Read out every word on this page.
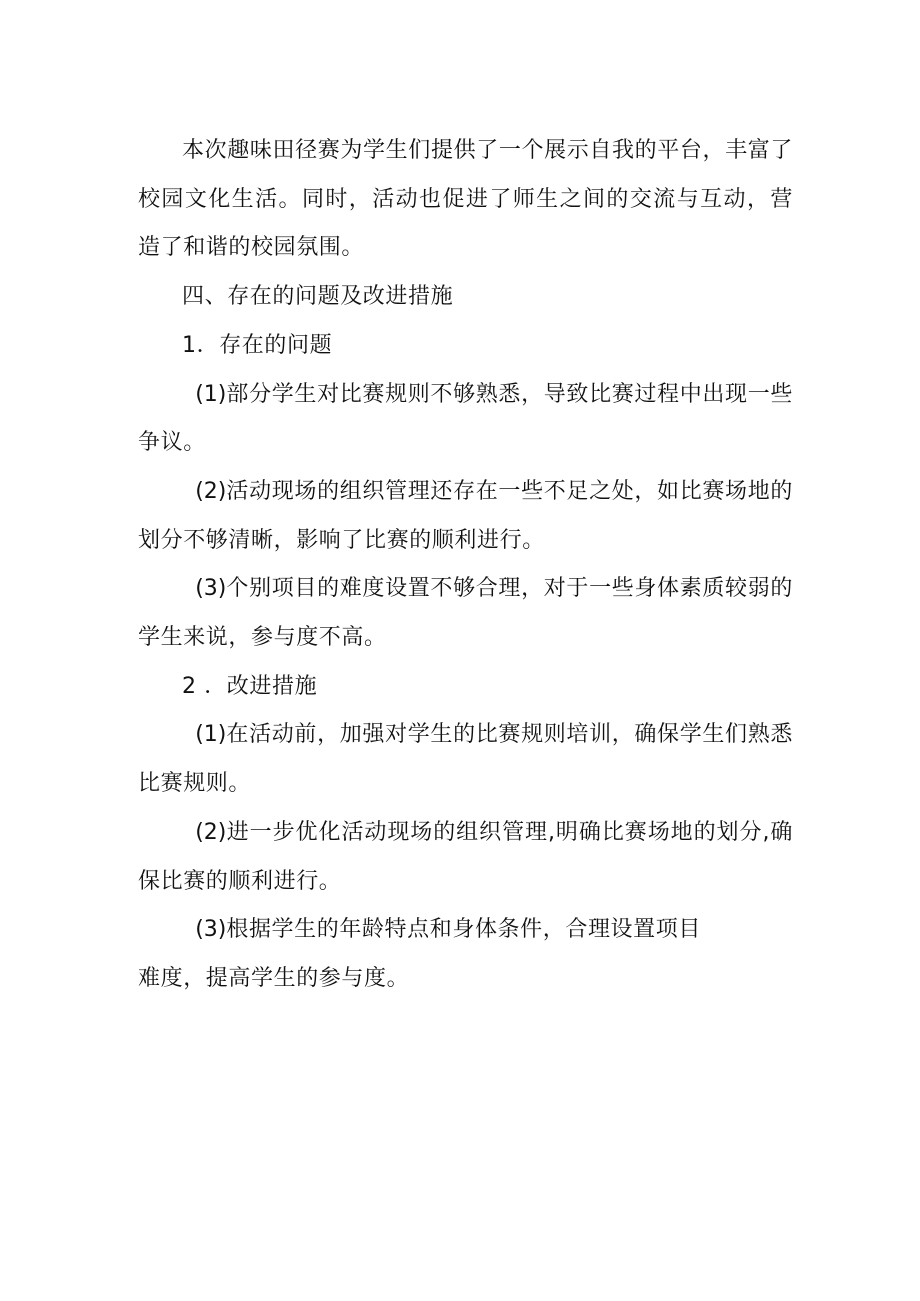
本次趣味田径赛为学生们提供了一个展示自我的平台，丰富了校园文化生活。同时，活动也促进了师生之间的交流与互动，营造了和谐的校园氛围。

四、存在的问题及改进措施

1．存在的问题

(1)部分学生对比赛规则不够熟悉，导致比赛过程中出现一些争议。

(2)活动现场的组织管理还存在一些不足之处，如比赛场地的划分不够清晰，影响了比赛的顺利进行。

(3)个别项目的难度设置不够合理，对于一些身体素质较弱的学生来说，参与度不高。

2 ．改进措施

(1)在活动前，加强对学生的比赛规则培训，确保学生们熟悉比赛规则。

(2)进一步优化活动现场的组织管理,明确比赛场地的划分,确保比赛的顺利进行。

(3)根据学生的年龄特点和身体条件，合理设置项目

难度，提高学生的参与度。
